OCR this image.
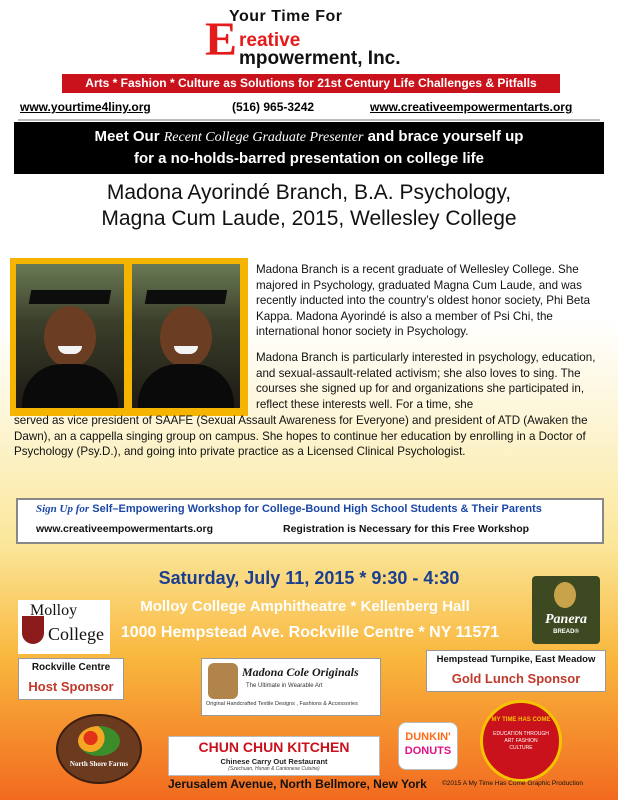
Your Time For
E reative
mpowerment, Inc.
Arts * Fashion * Culture as Solutions for 21st Century Life Challenges & Pitfalls
www.yourtime4liny.org	(516) 965-3242	www.creativeempowermentarts.org
Meet Our Recent College Graduate Presenter and brace yourself up
for a no-holds-barred presentation on college life
Madona Ayorindé Branch, B.A. Psychology,
Magna Cum Laude, 2015, Wellesley College
Madona Branch is a recent graduate of Wellesley College. She majored in Psychology, graduated Magna Cum Laude, and was recently inducted into the country’s oldest honor society, Phi Beta Kappa. Madona Ayorindé is also a member of Psi Chi, the international honor society in Psychology.
Madona Branch is particularly interested in psychology, education, and sexual-assault-related activism; she also loves to sing. The courses she signed up for and organizations she participated in, reflect these interests well. For a time, she
served as vice president of SAAFE (Sexual Assault Awareness for Everyone) and president of ATD (Awaken the Dawn), an a cappella singing group on campus. She hopes to continue her education by enrolling in a Doctor of Psychology (Psy.D.), and going into private practice as a Licensed Clinical Psychologist.
Sign Up for Self–Empowering Workshop for College-Bound High School Students & Their Parents
www.creativeempowermentarts.org	Registration is Necessary for this Free Workshop
Saturday, July 11, 2015 * 9:30 - 4:30
Molloy College Amphitheatre * Kellenberg Hall
1000 Hempstead Ave. Rockville Centre * NY 11571
Molloy
College
Rockville Centre
Host Sponsor
Panera
BREAD®
Hempstead Turnpike, East Meadow
Gold Lunch Sponsor
Madona Cole Originals
The Ultimate in Wearable Art
Original Handcrafted Textile Designs , Fashions & Accessories
North Shore Farms
CHUN CHUN KITCHEN
Chinese Carry Out Restaurant
(Szechuan, Hunan & Cantonese Cuisine)
DUNKIN'
DONUTS
MY TIME HAS COME
EDUCATION THROUGH ART FASHION CULTURE
Jerusalem Avenue, North Bellmore, New York ©2015 A My Time Has Come Graphic Production
